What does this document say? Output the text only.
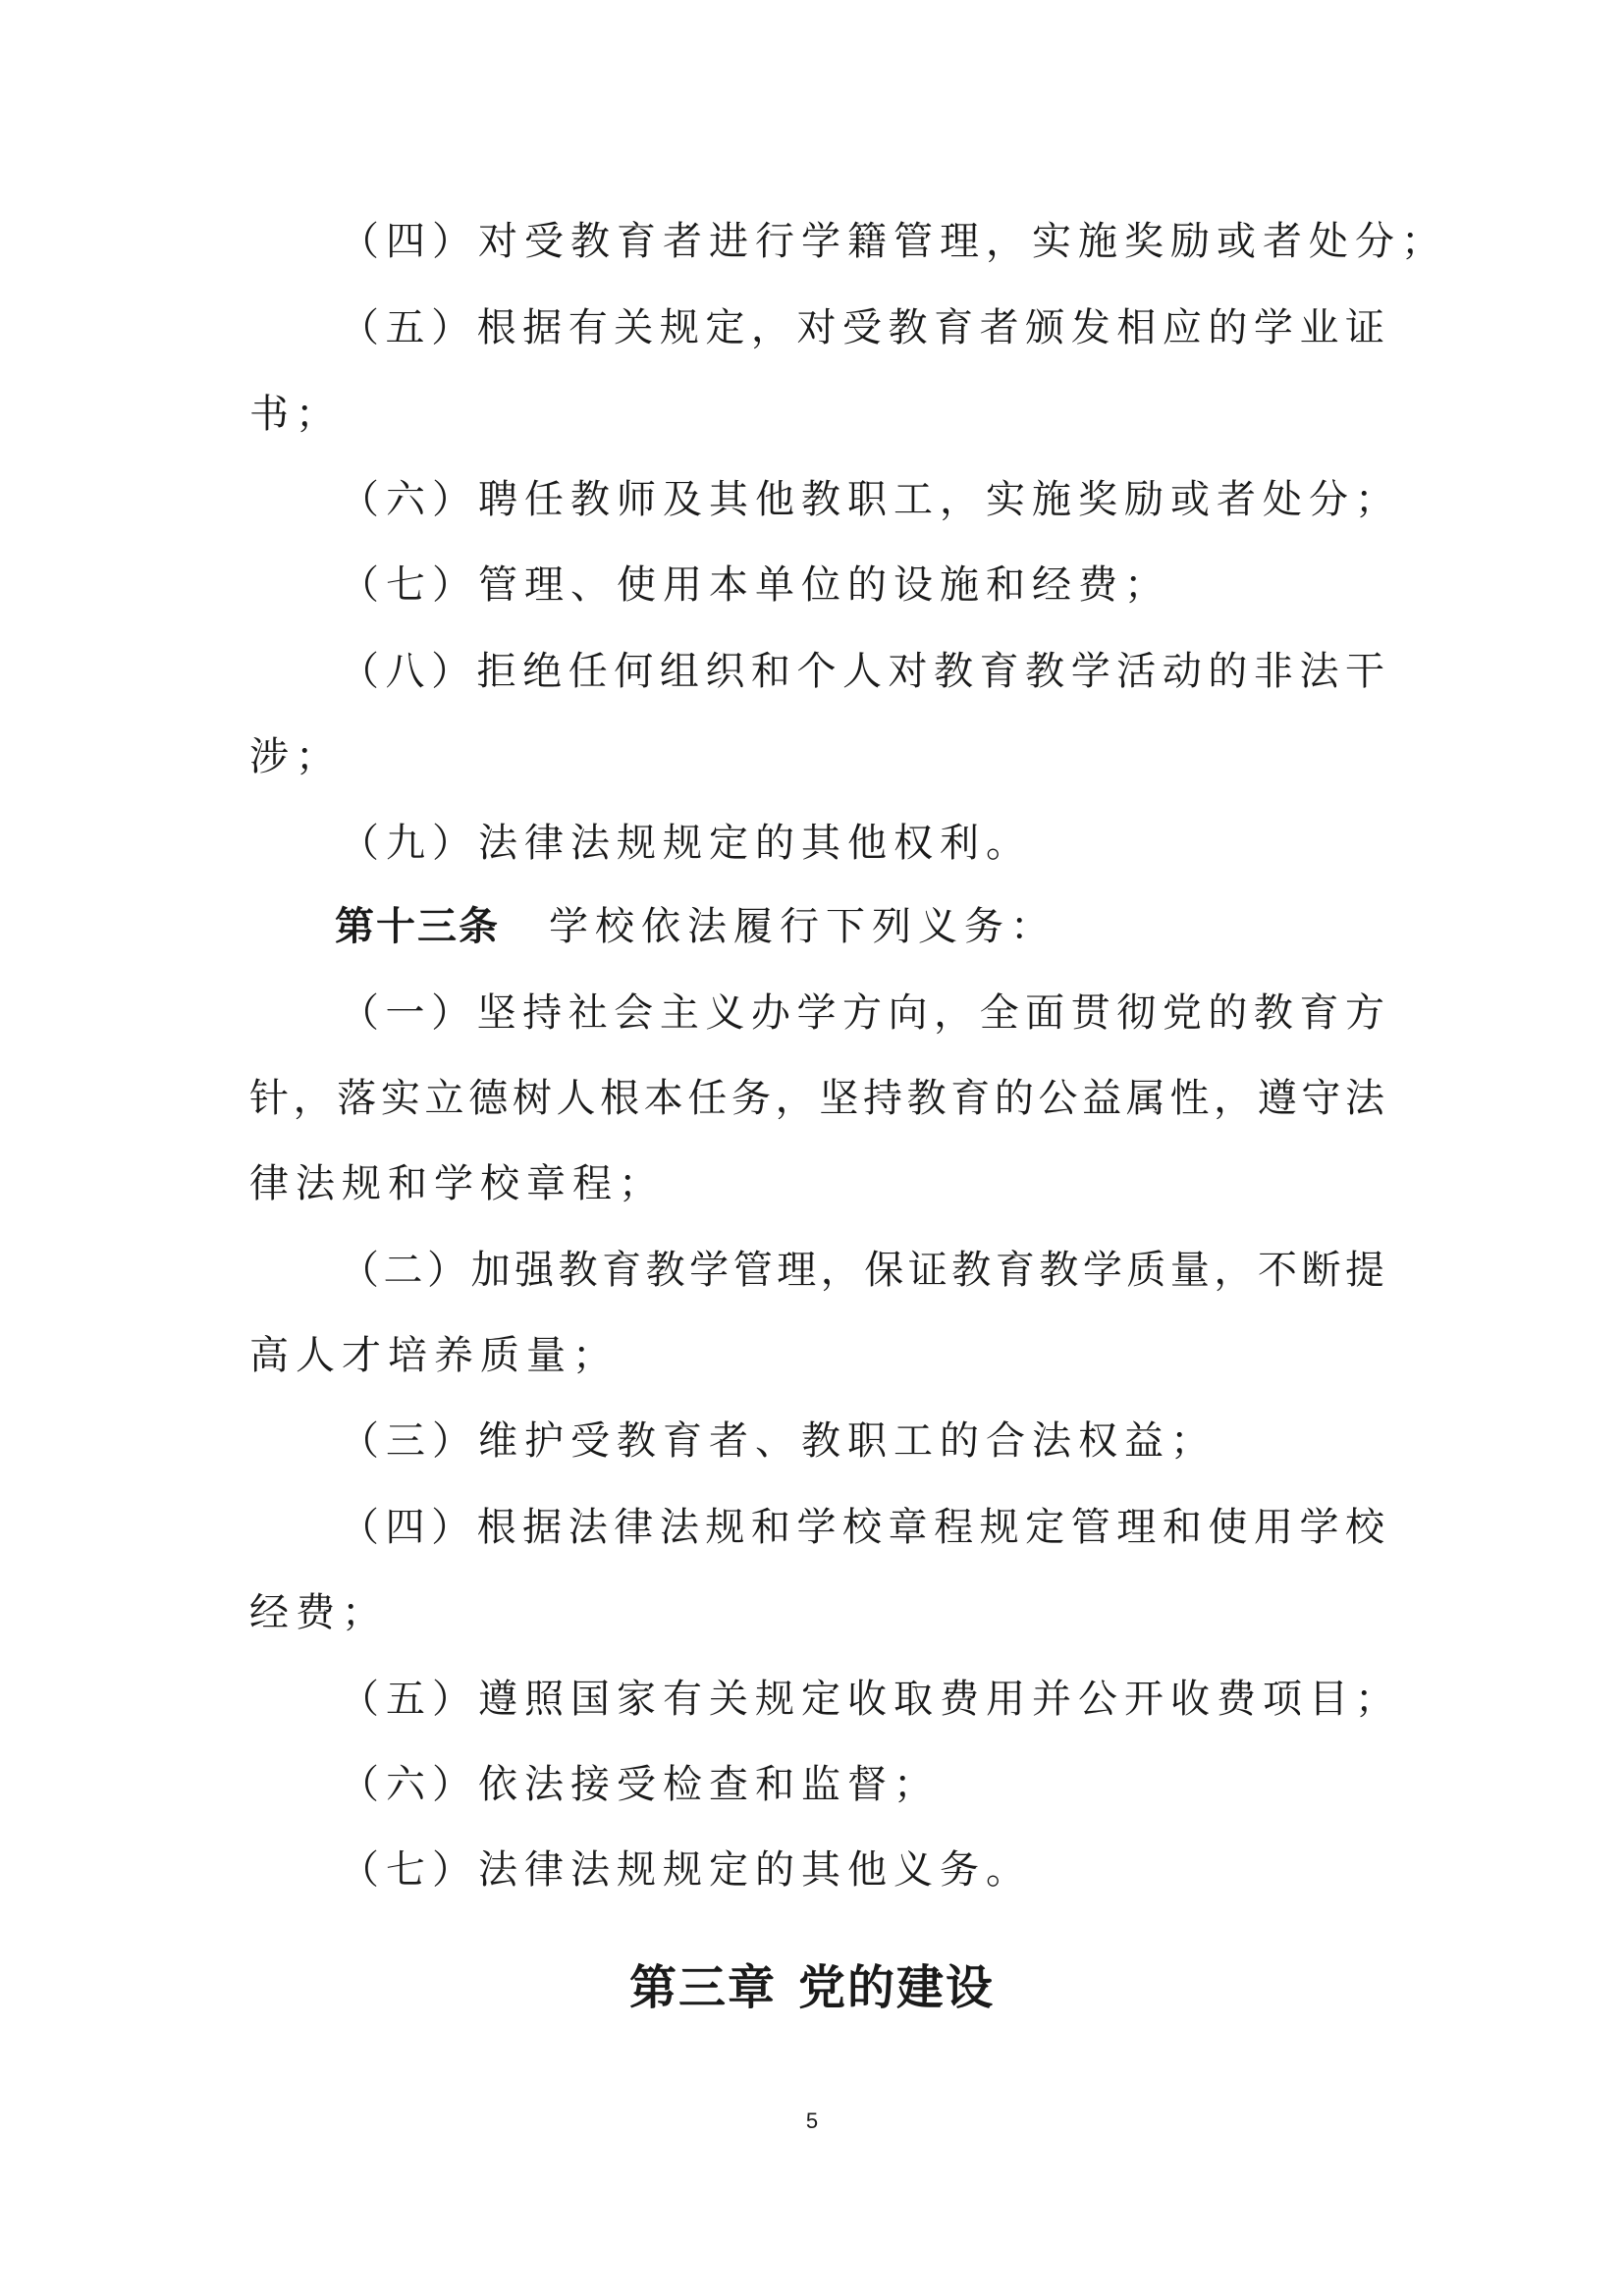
（四）对受教育者进行学籍管理，实施奖励或者处分；
（五）根据有关规定，对受教育者颁发相应的学业证
书；
（六）聘任教师及其他教职工，实施奖励或者处分；
（七）管理、使用本单位的设施和经费；
（八）拒绝任何组织和个人对教育教学活动的非法干
涉；
（九）法律法规规定的其他权利。
第十三条 学校依法履行下列义务：
（一）坚持社会主义办学方向，全面贯彻党的教育方
针，落实立德树人根本任务，坚持教育的公益属性，遵守法
律法规和学校章程；
（二）加强教育教学管理，保证教育教学质量，不断提
高人才培养质量；
（三）维护受教育者、教职工的合法权益；
（四）根据法律法规和学校章程规定管理和使用学校
经费；
（五）遵照国家有关规定收取费用并公开收费项目；
（六）依法接受检查和监督；
（七）法律法规规定的其他义务。
第三章 党的建设
5
